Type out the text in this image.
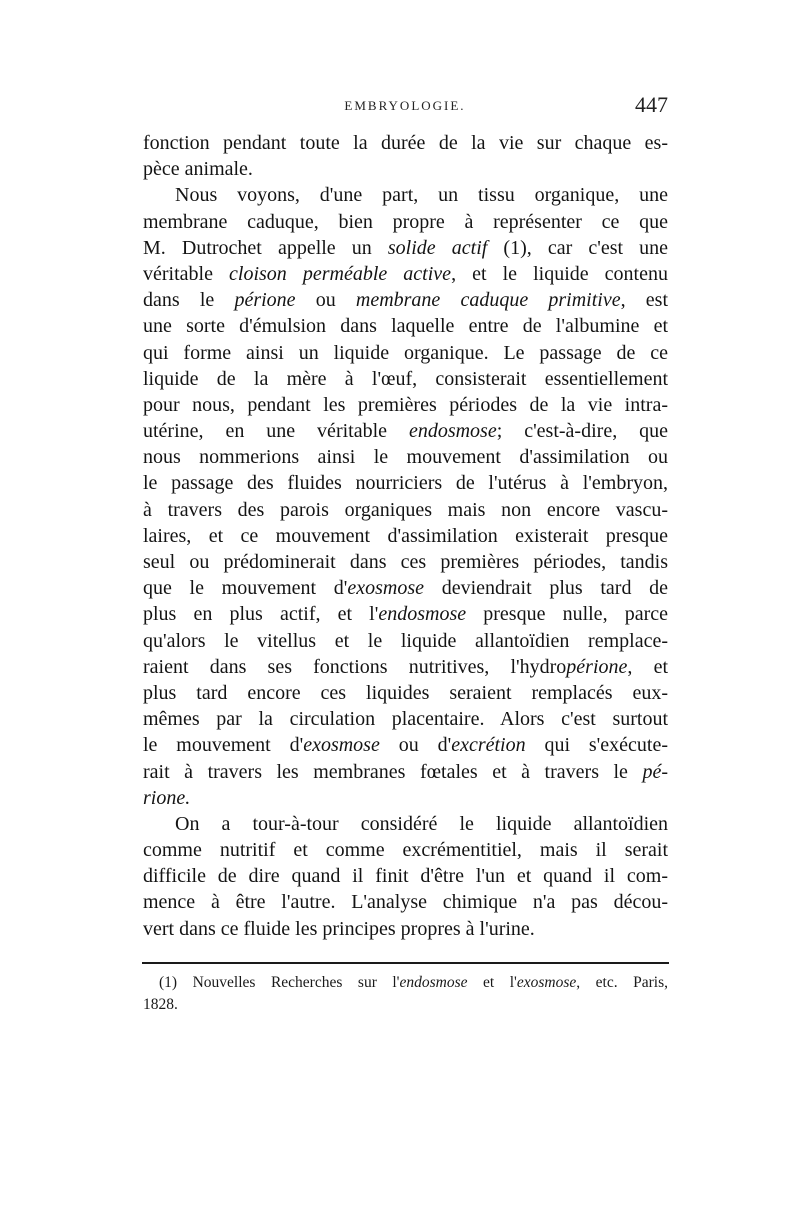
EMBRYOLOGIE.	447
fonction pendant toute la durée de la vie sur chaque es-
pèce animale.
Nous voyons, d'une part, un tissu organique, une
membrane caduque, bien propre à représenter ce que
M. Dutrochet appelle un solide actif (1), car c'est une
véritable cloison perméable active, et le liquide contenu
dans le périone ou membrane caduque primitive, est
une sorte d'émulsion dans laquelle entre de l'albumine et
qui forme ainsi un liquide organique. Le passage de ce
liquide de la mère à l'œuf, consisterait essentiellement
pour nous, pendant les premières périodes de la vie intra-
utérine, en une véritable endosmose; c'est-à-dire, que
nous nommerions ainsi le mouvement d'assimilation ou
le passage des fluides nourriciers de l'utérus à l'embryon,
à travers des parois organiques mais non encore vascu-
laires, et ce mouvement d'assimilation existerait presque
seul ou prédominerait dans ces premières périodes, tandis
que le mouvement d'exosmose deviendrait plus tard de
plus en plus actif, et l'endosmose presque nulle, parce
qu'alors le vitellus et le liquide allantoïdien remplace-
raient dans ses fonctions nutritives, l'hydropérione, et
plus tard encore ces liquides seraient remplacés eux-
mêmes par la circulation placentaire. Alors c'est surtout
le mouvement d'exosmose ou d'excrétion qui s'exécute-
rait à travers les membranes fœtales et à travers le pé-
rione.
On a tour-à-tour considéré le liquide allantoïdien
comme nutritif et comme excrémentitiel, mais il serait
difficile de dire quand il finit d'être l'un et quand il com-
mence à être l'autre. L'analyse chimique n'a pas décou-
vert dans ce fluide les principes propres à l'urine.
(1) Nouvelles Recherches sur l'endosmose et l'exosmose, etc. Paris,
1828.
